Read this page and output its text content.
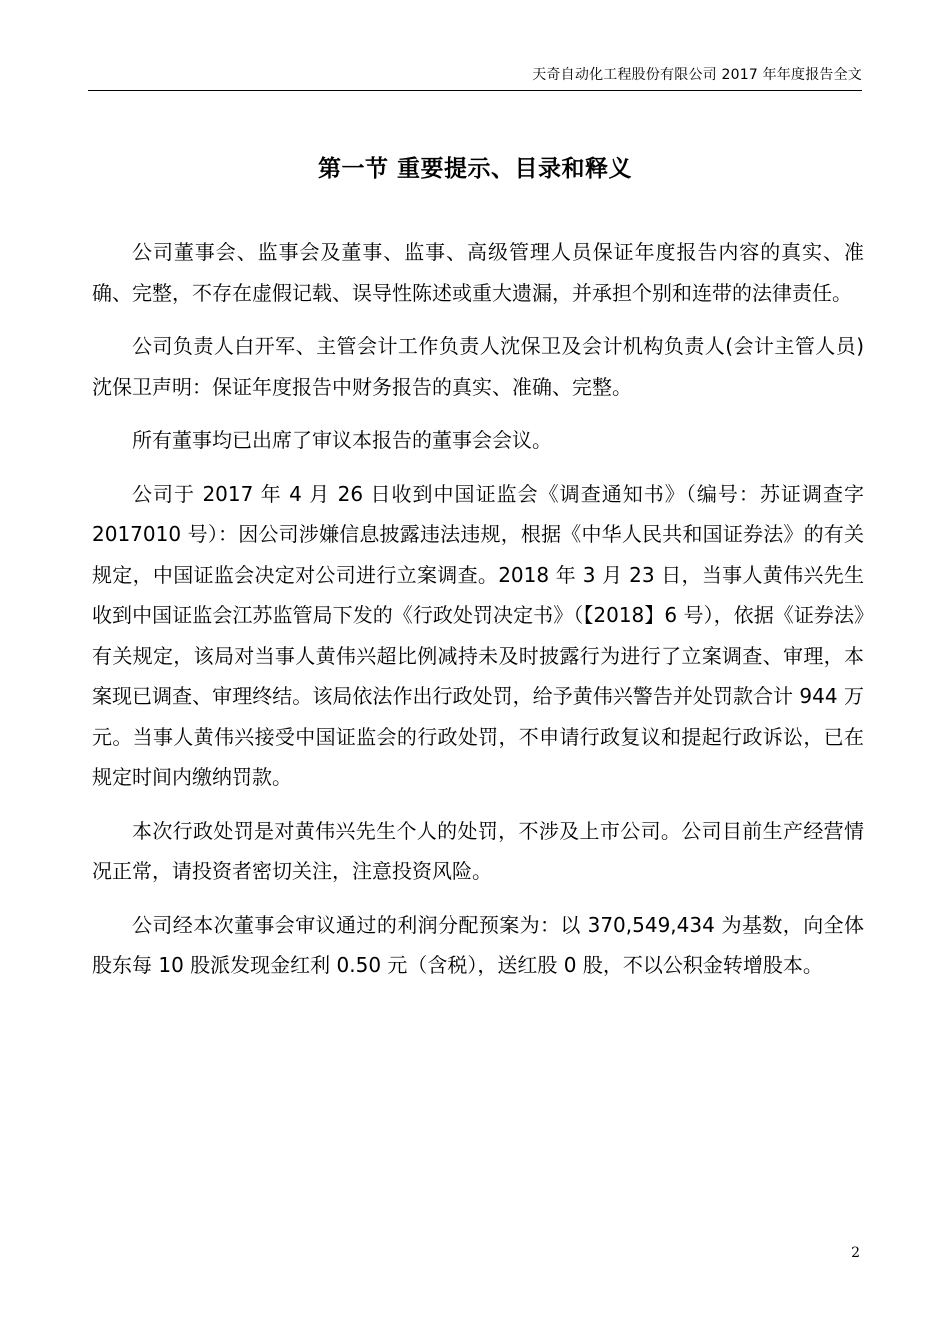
天奇自动化工程股份有限公司 2017 年年度报告全文
第一节 重要提示、目录和释义

公司董事会、监事会及董事、监事、高级管理人员保证年度报告内容的真实、准确、完整，不存在虚假记载、误导性陈述或重大遗漏，并承担个别和连带的法律责任。

公司负责人白开军、主管会计工作负责人沈保卫及会计机构负责人(会计主管人员)沈保卫声明：保证年度报告中财务报告的真实、准确、完整。

所有董事均已出席了审议本报告的董事会会议。

公司于 2017 年 4 月 26 日收到中国证监会《调查通知书》（编号：苏证调查字 2017010 号）：因公司涉嫌信息披露违法违规，根据《中华人民共和国证券法》的有关规定，中国证监会决定对公司进行立案调查。2018 年 3 月 23 日，当事人黄伟兴先生收到中国证监会江苏监管局下发的《行政处罚决定书》（【2018】6 号），依据《证券法》有关规定，该局对当事人黄伟兴超比例减持未及时披露行为进行了立案调查、审理，本案现已调查、审理终结。该局依法作出行政处罚，给予黄伟兴警告并处罚款合计 944 万元。当事人黄伟兴接受中国证监会的行政处罚，不申请行政复议和提起行政诉讼，已在规定时间内缴纳罚款。

本次行政处罚是对黄伟兴先生个人的处罚，不涉及上市公司。公司目前生产经营情况正常，请投资者密切关注，注意投资风险。

公司经本次董事会审议通过的利润分配预案为：以 370,549,434 为基数，向全体股东每 10 股派发现金红利 0.50 元（含税），送红股 0 股，不以公积金转增股本。

2
